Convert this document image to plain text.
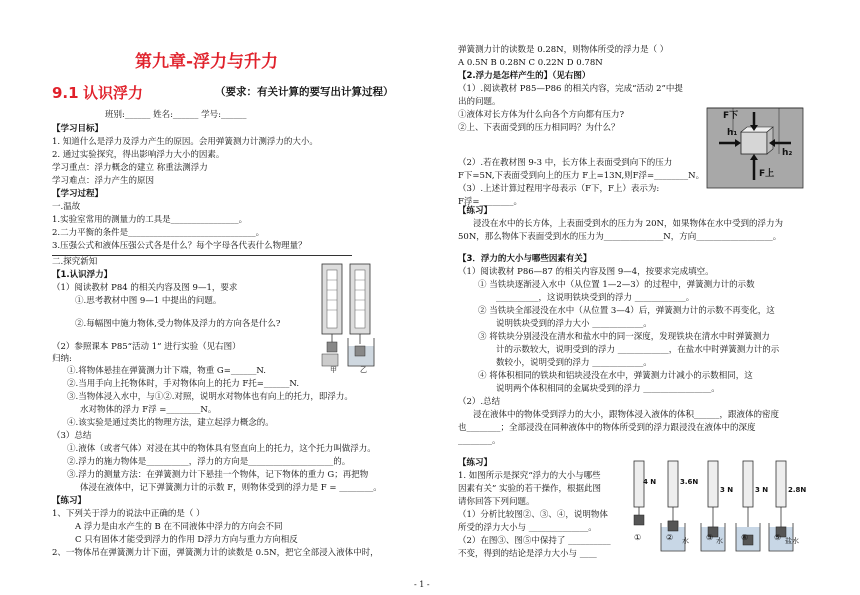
第九章-浮力与升力
9.1 认识浮力	（要求：有关计算的要写出计算过程）
班别:______ 姓名:______ 学号:______
【学习目标】
1. 知道什么是浮力及浮力产生的原因。会用弹簧测力计测浮力的大小。
2. 通过实验探究，得出影响浮力大小的因素。
学习重点：浮力概念的建立 称重法测浮力
学习难点：浮力产生的原因
【学习过程】
一.温故
1.实验室常用的测量力的工具是________________。
2.二力平衡的条件是______________________________。
3.压强公式和液体压强公式各是什么？每个字母各代表什么物理量？
二.探究新知
【1.认识浮力】
（1）阅读教材 P84 的相关内容及图 9—1，要求
①.思考教材中图 9—1 中提出的问题。
②.每幅图中施力物体,受力物体及浮力的方向各是什么?
（2）参照课本 P85“活动 1” 进行实验（见右图）
归纳:
①.将物体悬挂在弹簧测力计下端，物重 G=______N.
②.当用手向上托物体时，手对物体向上的托力 F托=______N.
③.当物体浸入水中，与①②.对照，说明水对物体也有向上的托力，即浮力。
水对物体的浮力 F浮 =________N。
④.该实验是通过类比的物理方法，建立起浮力概念的。
（3）总结
①.液体（或者气体）对浸在其中的物体具有竖直向上的托力，这个托力叫做浮力。
②.浮力的施力物体是__________，浮力的方向是____________________的。
③.浮力的测量方法：在弹簧测力计下悬挂一个物体，记下物体的重力 G；再把物
体浸在液体中，记下弹簧测力计的示数 F，则物体受到的浮力是 F = ________。
【练习】
1、下列关于浮力的说法中正确的是（ ）
A 浮力是由水产生的 B 在不同液体中浮力的方向会不同
C 只有固体才能受到浮力的作用 D浮力方向与重力方向相反
2、一物体吊在弹簧测力计下面，弹簧测力计的读数是 0.5N，把它全部浸入液体中时，
甲	乙
弹簧测力计的读数是 0.28N，则物体所受的浮力是（ ）
A 0.5N B 0.28N C 0.22N D 0.78N
【2.浮力是怎样产生的】（见右图）
（1）.阅读教材 P85—P86 的相关内容，完成“活动 2”中提
出的问题。
①液体对长方体为什么向各个方向都有压力?
②上、下表面受到的压力相同吗？为什么？
（2）.若在教材图 9-3 中，长方体上表面受到向下的压力
F下=5N,下表面受到向上的压力 F上=13N,则F浮=________N。
（3）.上述计算过程用字母表示（F下，F上）表示为:
F浮=________。
F下
h₁
h₂
F上
【练习】
浸没在水中的长方体，上表面受到水的压力为 20N，如果物体在水中受到的浮力为
50N，那么物体下表面受到水的压力为______________N，方向__________________。
【3．浮力的大小与哪些因素有关】
（1）阅读教材 P86—87 的相关内容及图 9—4，按要求完成填空。
① 当铁块逐渐浸入水中（从位置 1—2—3）的过程中，弹簧测力计的示数
__________，这说明铁块受到的浮力 ____________。
② 当铁块全部浸没在水中（从位置 3—4）后，弹簧测力计的示数不再变化，这
说明铁块受到的浮力大小 ____________。
③ 将铁块分别浸没在清水和盐水中的同一深度，发现铁块在清水中时弹簧测力
计的示数较大，说明受到的浮力 ____________，在盐水中时弹簧测力计的示
数较小，说明受到的浮力 ____________。
④ 将体积相同的铁块和铝块浸没在水中，弹簧测力计减小的示数相同，这
说明两个体积相同的金属块受到的浮力 ________________。
（2）.总结
浸在液体中的物体受到浮力的大小，跟物体浸入液体的体积______，跟液体的密度
也________；全部浸没在同种液体中的物体所受到的浮力跟浸没在液体中的深度
________。
【练习】
1. 如图所示是探究“浮力的大小与哪些
因素有关” 实验的若干操作，根据此图
请你回答下列问题。
（1）分析比较图②、③、④，说明物体
所受的浮力大小与 ______________。
（2）在图③、图⑤中保持了 __________
不变，得到的结论是浮力大小与 ____
4 N	3.6N
3 N	3 N	2.8N
①	②	③	④	⑤
水	水	盐水
- 1 -
